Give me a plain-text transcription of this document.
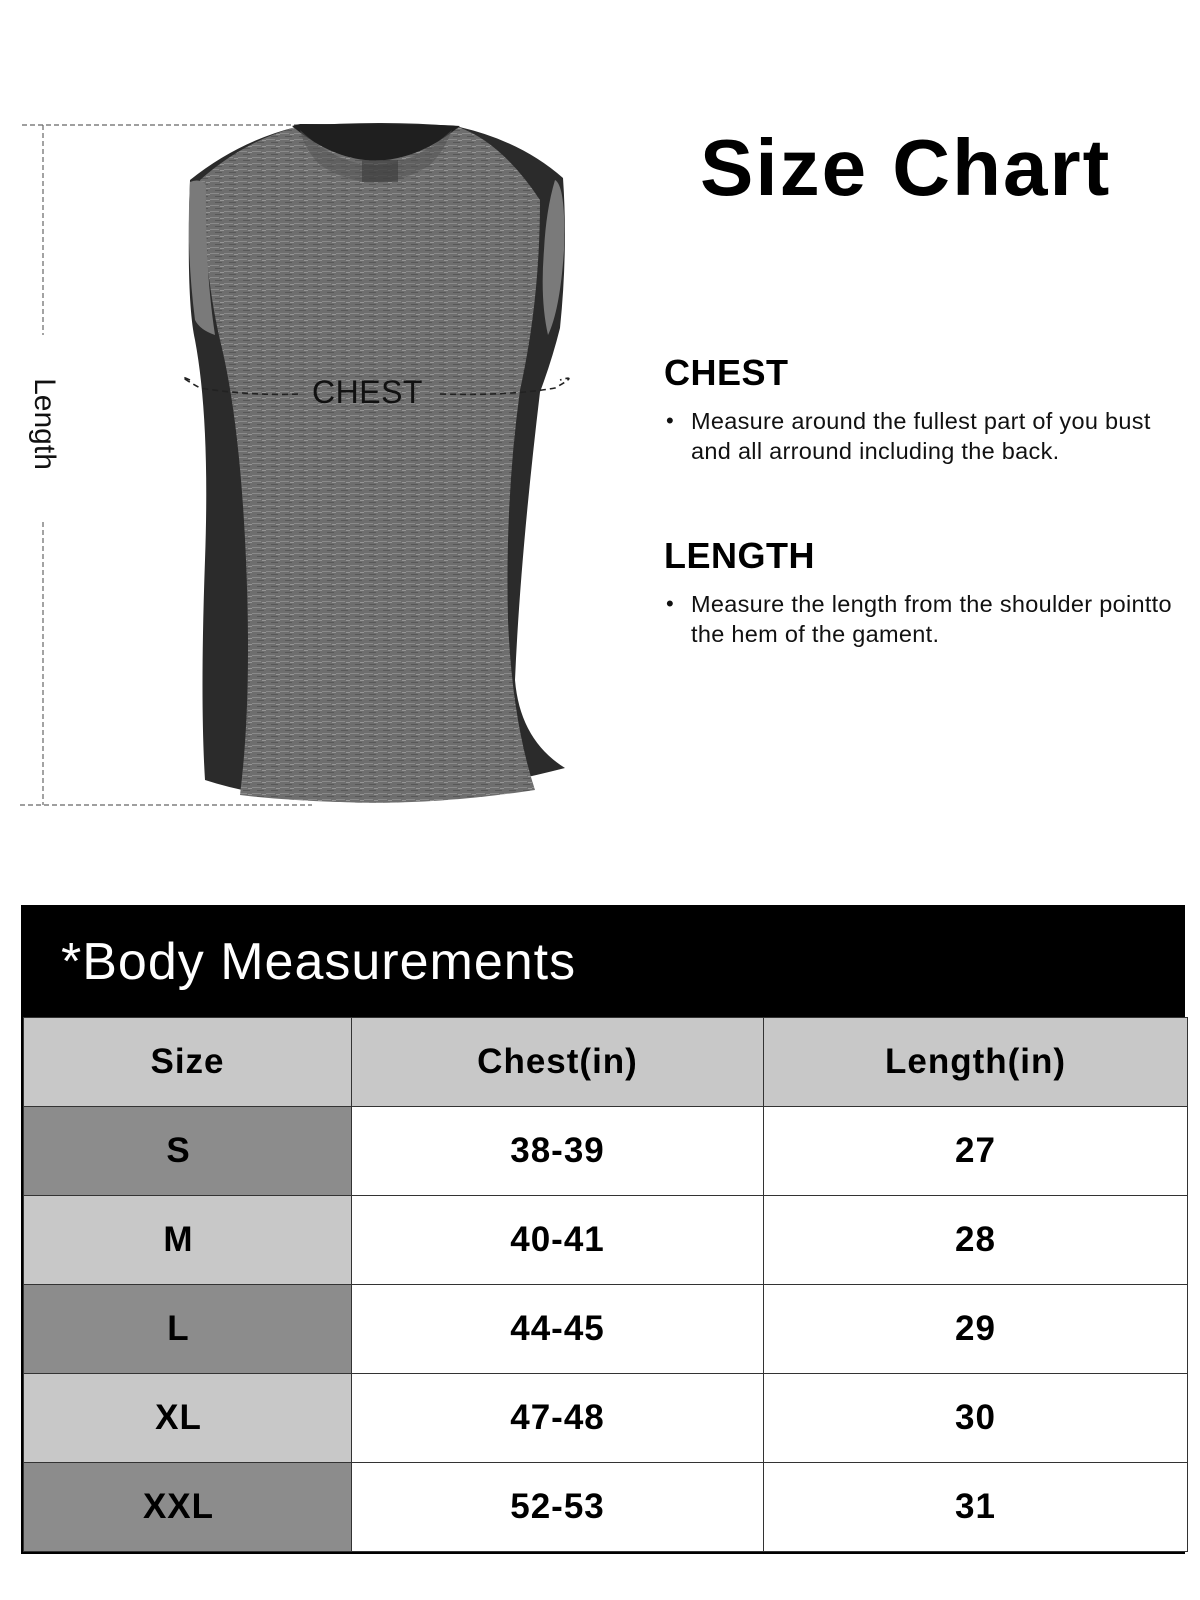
CHEST
Length
Size Chart
CHEST
• Measure around the fullest part of you bust and all arround including the back.
LENGTH
• Measure the length from the shoulder pointto the hem of the gament.
*Body Measurements
Size	Chest(in)	Length(in)
S	38-39	27
M	40-41	28
L	44-45	29
XL	47-48	30
XXL	52-53	31
